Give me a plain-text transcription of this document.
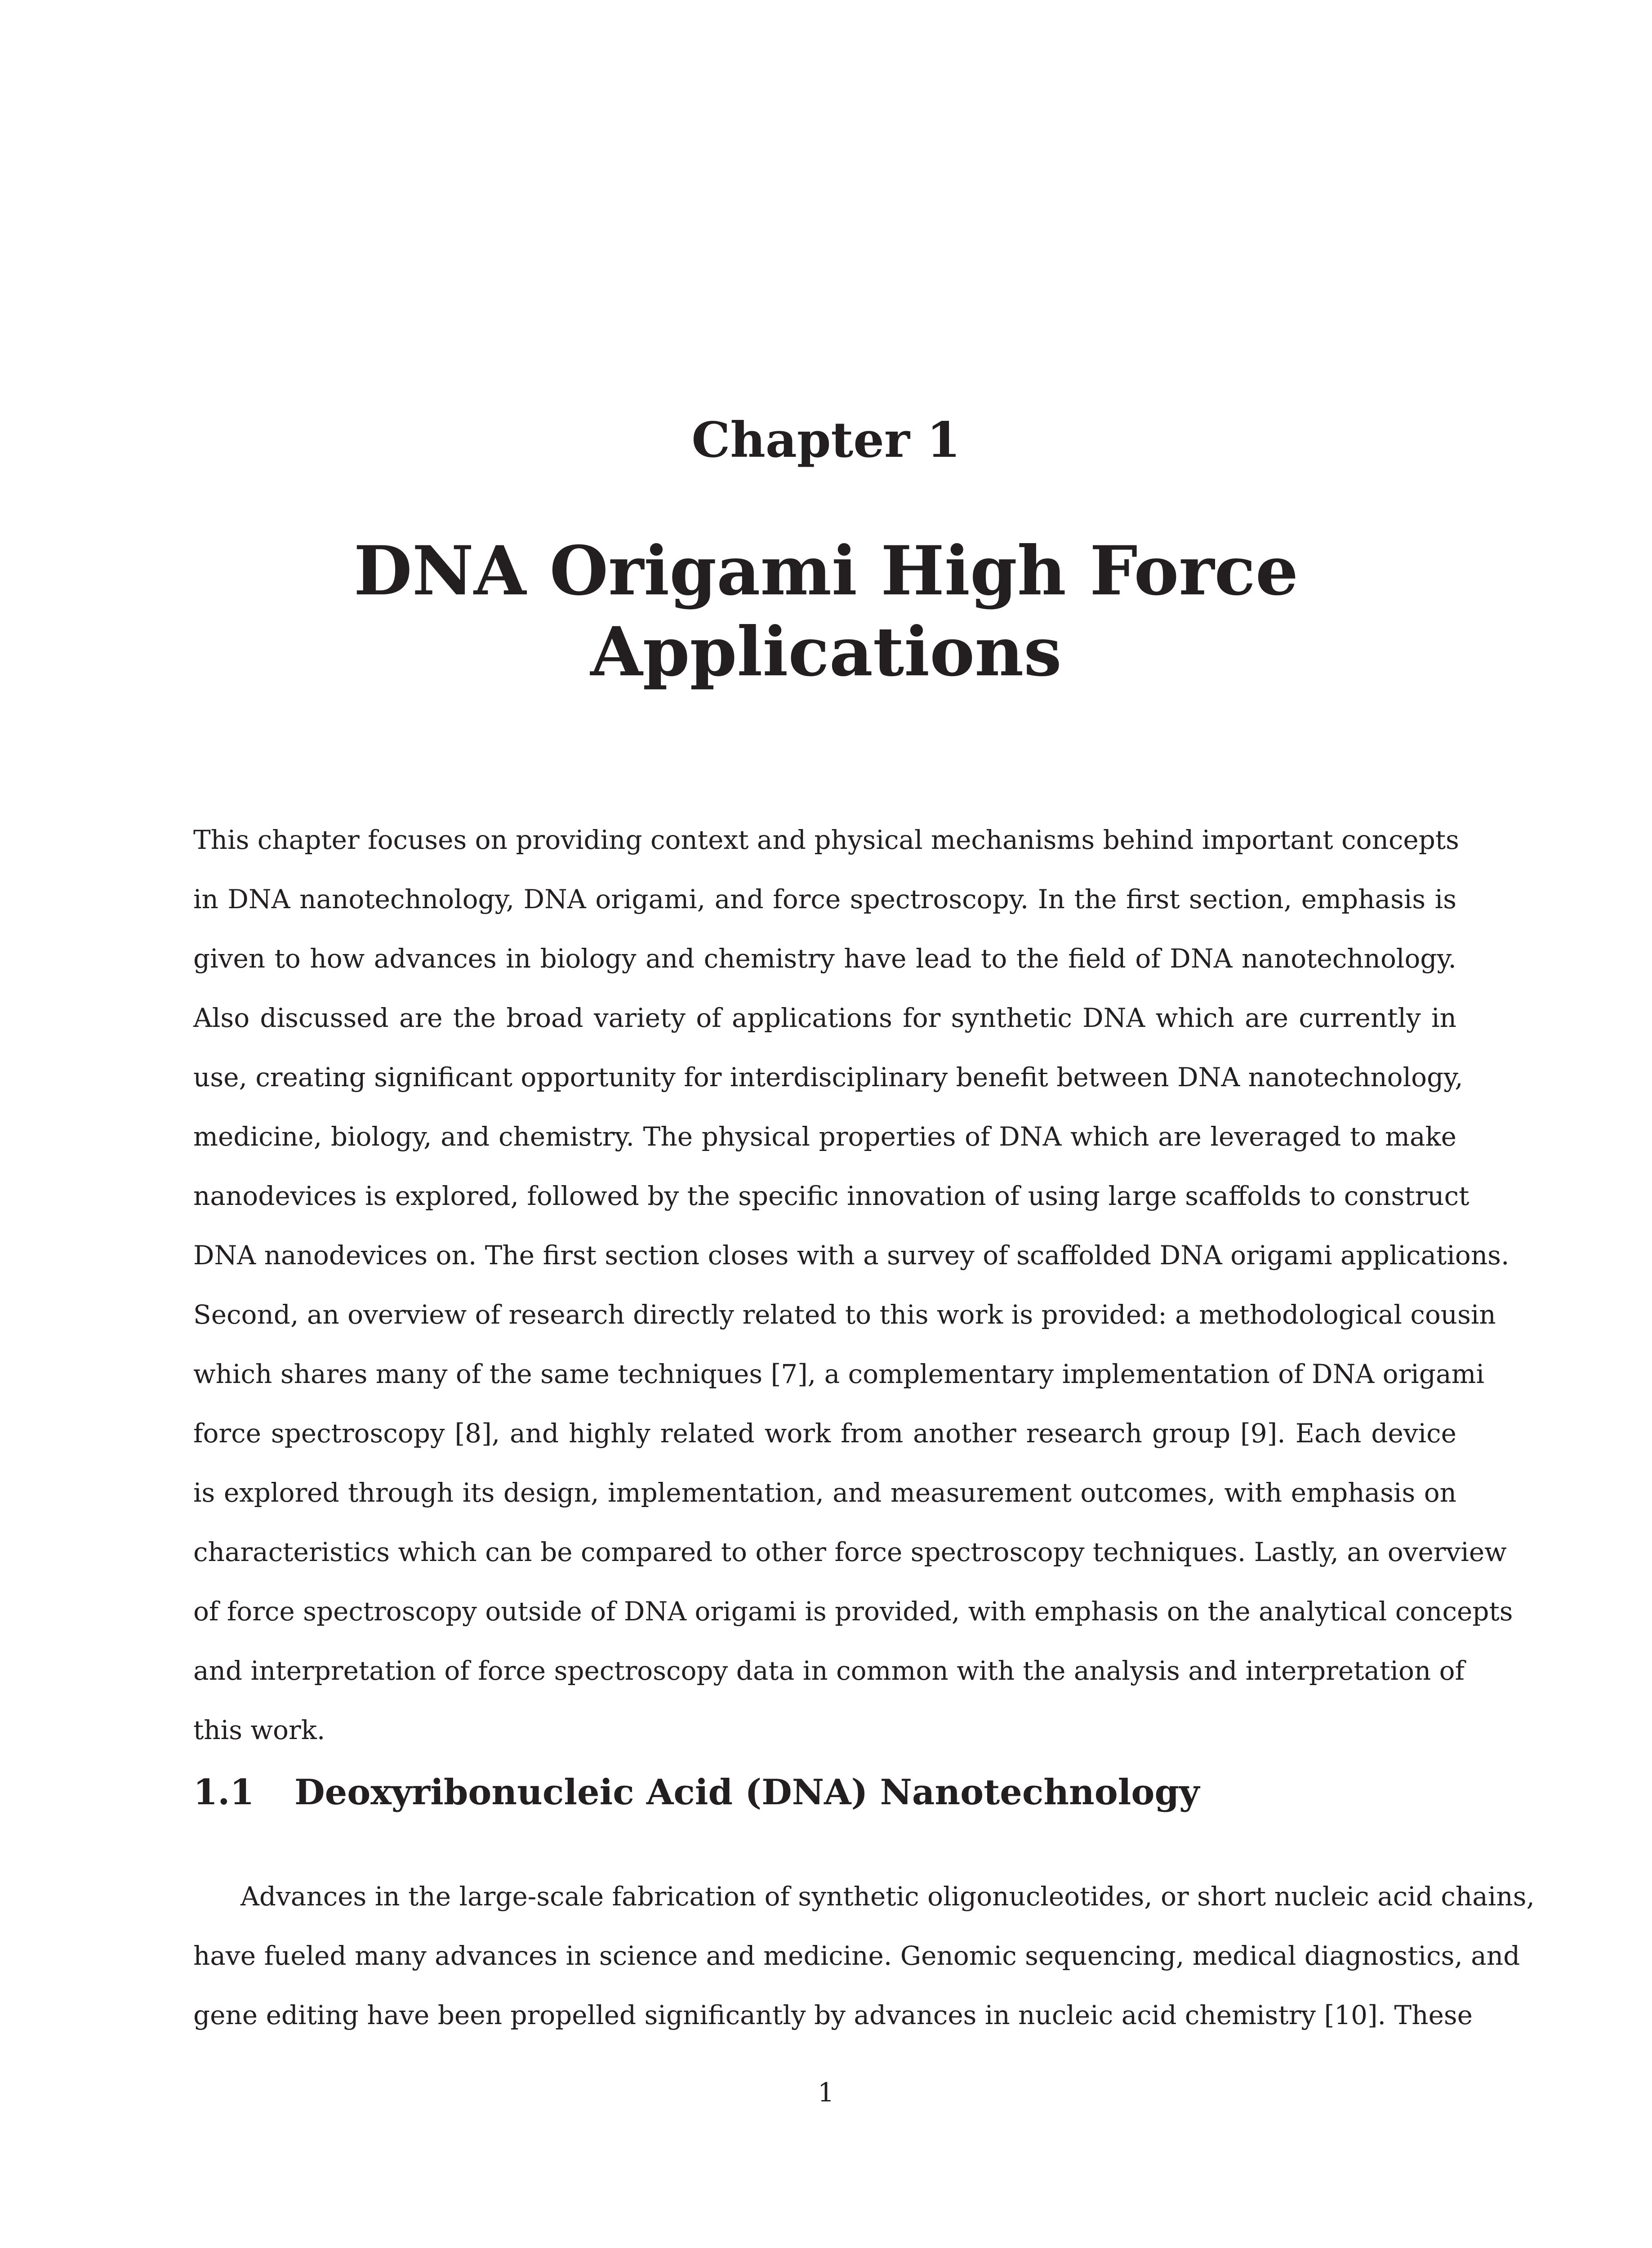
Chapter 1
DNA Origami High Force
Applications
This chapter focuses on providing context and physical mechanisms behind important concepts
in DNA nanotechnology, DNA origami, and force spectroscopy. In the first section, emphasis is
given to how advances in biology and chemistry have lead to the field of DNA nanotechnology.
Also discussed are the broad variety of applications for synthetic DNA which are currently in
use, creating significant opportunity for interdisciplinary benefit between DNA nanotechnology,
medicine, biology, and chemistry. The physical properties of DNA which are leveraged to make
nanodevices is explored, followed by the specific innovation of using large scaffolds to construct
DNA nanodevices on. The first section closes with a survey of scaffolded DNA origami applications.
Second, an overview of research directly related to this work is provided: a methodological cousin
which shares many of the same techniques [7], a complementary implementation of DNA origami
force spectroscopy [8], and highly related work from another research group [9]. Each device
is explored through its design, implementation, and measurement outcomes, with emphasis on
characteristics which can be compared to other force spectroscopy techniques. Lastly, an overview
of force spectroscopy outside of DNA origami is provided, with emphasis on the analytical concepts
and interpretation of force spectroscopy data in common with the analysis and interpretation of
this work.
1.1 Deoxyribonucleic Acid (DNA) Nanotechnology
Advances in the large-scale fabrication of synthetic oligonucleotides, or short nucleic acid chains,
have fueled many advances in science and medicine. Genomic sequencing, medical diagnostics, and
gene editing have been propelled significantly by advances in nucleic acid chemistry [10]. These
1
